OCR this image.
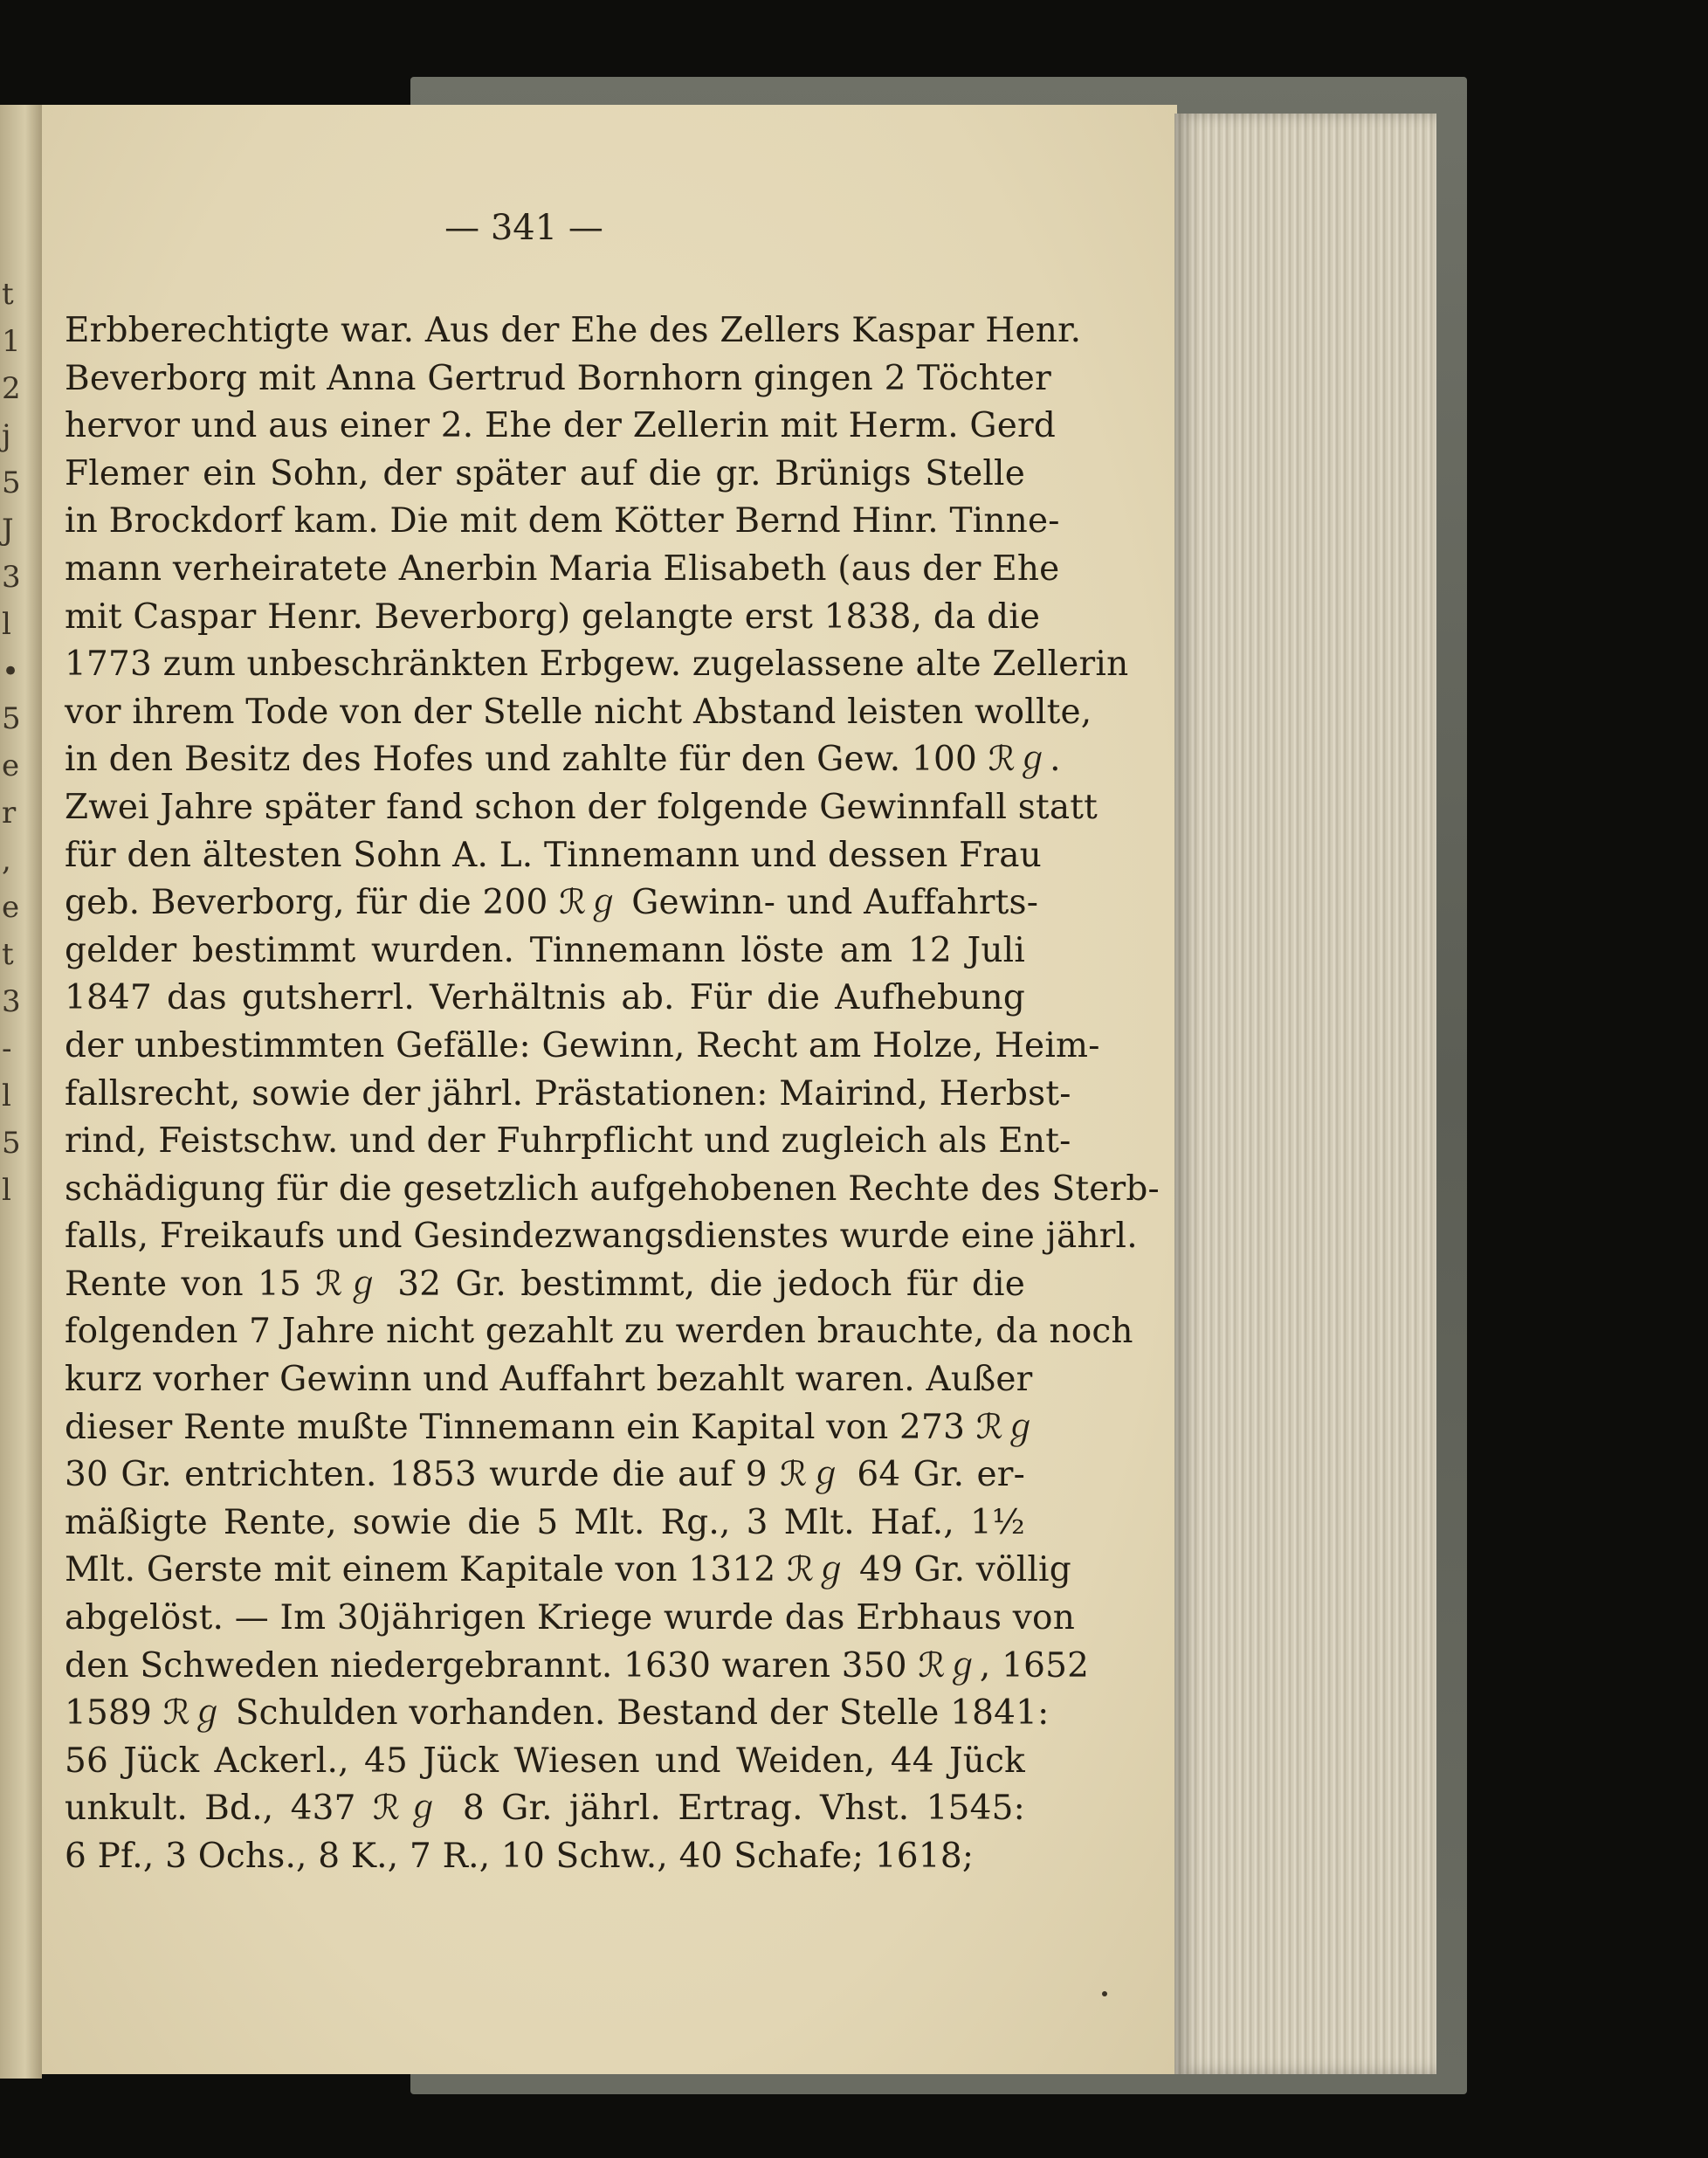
t
1
2
j
5
J
3
l
•
5
e
r
,
e
t
3
-
l
5
l
— 341 —
Erbberechtigte war. Aus der Ehe des Zellers Kaspar Henr.
Beverborg mit Anna Gertrud Bornhorn gingen 2 Töchter
hervor und aus einer 2. Ehe der Zellerin mit Herm. Gerd
Flemer ein Sohn, der später auf die gr. Brünigs Stelle
in Brockdorf kam. Die mit dem Kötter Bernd Hinr. Tinne-
mann verheiratete Anerbin Maria Elisabeth (aus der Ehe
mit Caspar Henr. Beverborg) gelangte erst 1838, da die
1773 zum unbeschränkten Erbgew. zugelassene alte Zellerin
vor ihrem Tode von der Stelle nicht Abstand leisten wollte,
in den Besitz des Hofes und zahlte für den Gew. 100 ℛℊ.
Zwei Jahre später fand schon der folgende Gewinnfall statt
für den ältesten Sohn A. L. Tinnemann und dessen Frau
geb. Beverborg, für die 200 ℛℊ Gewinn- und Auffahrts-
gelder bestimmt wurden. Tinnemann löste am 12 Juli
1847 das gutsherrl. Verhältnis ab. Für die Aufhebung
der unbestimmten Gefälle: Gewinn, Recht am Holze, Heim-
fallsrecht, sowie der jährl. Prästationen: Mairind, Herbst-
rind, Feistschw. und der Fuhrpflicht und zugleich als Ent-
schädigung für die gesetzlich aufgehobenen Rechte des Sterb-
falls, Freikaufs und Gesindezwangsdienstes wurde eine jährl.
Rente von 15 ℛℊ 32 Gr. bestimmt, die jedoch für die
folgenden 7 Jahre nicht gezahlt zu werden brauchte, da noch
kurz vorher Gewinn und Auffahrt bezahlt waren. Außer
dieser Rente mußte Tinnemann ein Kapital von 273 ℛℊ
30 Gr. entrichten. 1853 wurde die auf 9 ℛℊ 64 Gr. er-
mäßigte Rente, sowie die 5 Mlt. Rg., 3 Mlt. Haf., 1½
Mlt. Gerste mit einem Kapitale von 1312 ℛℊ 49 Gr. völlig
abgelöst. — Im 30jährigen Kriege wurde das Erbhaus von
den Schweden niedergebrannt. 1630 waren 350 ℛℊ, 1652
1589 ℛℊ Schulden vorhanden. Bestand der Stelle 1841:
56 Jück Ackerl., 45 Jück Wiesen und Weiden, 44 Jück
unkult. Bd., 437 ℛℊ 8 Gr. jährl. Ertrag. Vhst. 1545:
6 Pf., 3 Ochs., 8 K., 7 R., 10 Schw., 40 Schafe; 1618;
